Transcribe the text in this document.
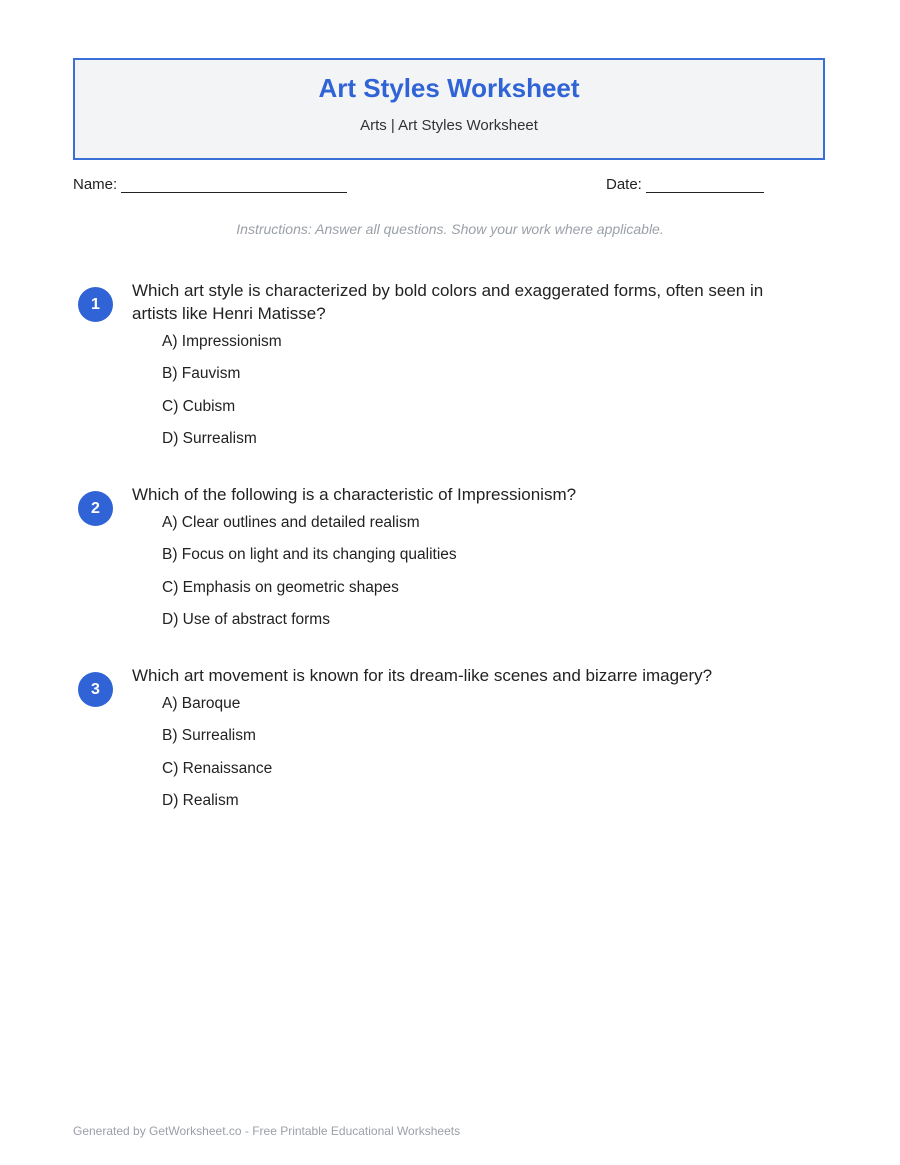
Art Styles Worksheet
Arts | Art Styles Worksheet
Name:	Date:
Instructions: Answer all questions. Show your work where applicable.
1
Which art style is characterized by bold colors and exaggerated forms, often seen in artists like Henri Matisse?
A) Impressionism
B) Fauvism
C) Cubism
D) Surrealism
2
Which of the following is a characteristic of Impressionism?
A) Clear outlines and detailed realism
B) Focus on light and its changing qualities
C) Emphasis on geometric shapes
D) Use of abstract forms
3
Which art movement is known for its dream-like scenes and bizarre imagery?
A) Baroque
B) Surrealism
C) Renaissance
D) Realism
Generated by GetWorksheet.co - Free Printable Educational Worksheets
